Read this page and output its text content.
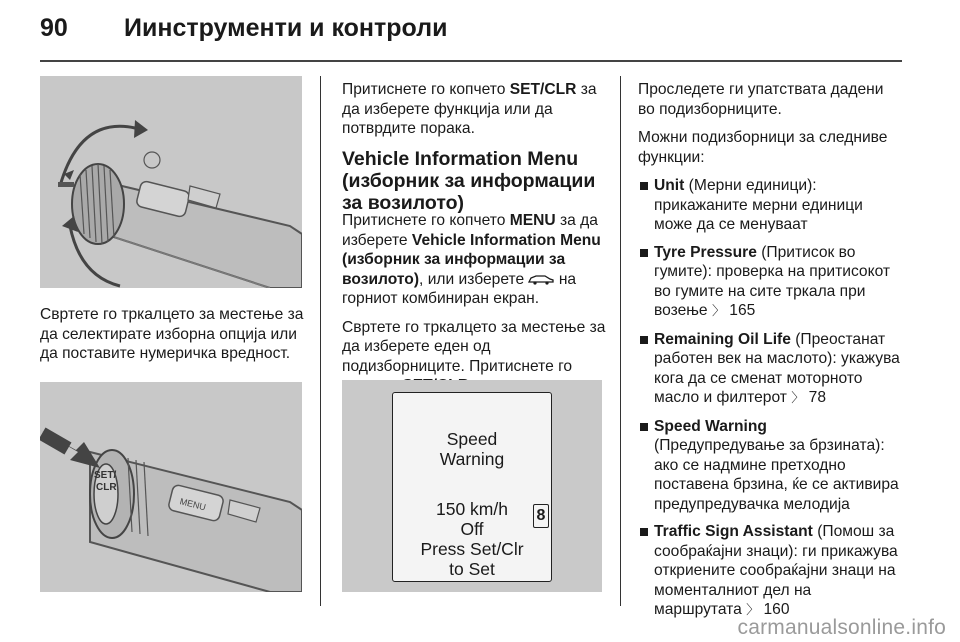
90	Иинструменти и контроли
Свртете го тркалцето за местење за да селектирате изборна опција или да поставите нумеричка вредност.
SET/
CLR
MENU

Притиснете го копчето SET/CLR за да изберете функција или да потврдите порака.

Vehicle Information Menu (изборник за информации за возилото)

Притиснете го копчето MENU за да изберете Vehicle Information Menu (изборник за информации за возилото), или изберете  на горниот комбиниран екран.

Свртете го тркалцето за местење за да изберете еден од подизборниците. Притиснете го

Speed
Warning
150 km/h
Off
Press Set/Clr
to Set
8

Проследете ги упатствата дадени во подизборниците.

Можни подизборници за следниве функции:

Unit (Мерни единици): прикажаните мерни единици може да се менуваат
Tyre Pressure (Притисок во гумите): проверка на притисокот во гумите на сите тркала при возење 〉 165
Remaining Oil Life (Преостанат работен век на маслото): укажува кога да се сменат моторното масло и филтерот 〉 78
Speed Warning (Предупредување за брзината): ако се надмине претходно поставена брзина, ќе се активира предупредувачка мелодија
Traffic Sign Assistant (Помош за сообраќајни знаци): ги прикажува откриените сообраќајни знаци на моменталниот дел на маршрутата 〉 160
carmanualsonline.info
